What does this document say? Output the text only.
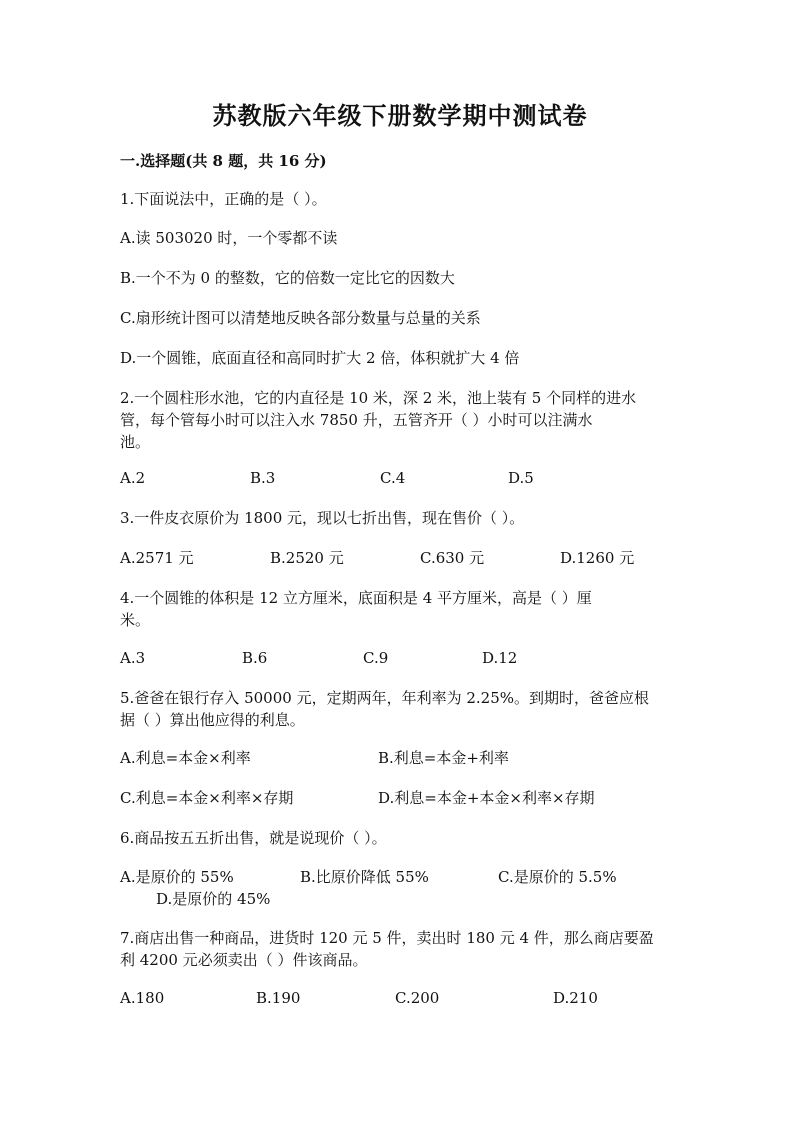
苏教版六年级下册数学期中测试卷
一.选择题(共 8 题，共 16 分)
1.下面说法中，正确的是（ ）。
A.读 503020 时，一个零都不读
B.一个不为 0 的整数，它的倍数一定比它的因数大
C.扇形统计图可以清楚地反映各部分数量与总量的关系
D.一个圆锥，底面直径和高同时扩大 2 倍，体积就扩大 4 倍
2.一个圆柱形水池，它的内直径是 10 米，深 2 米，池上装有 5 个同样的进水
管，每个管每小时可以注入水 7850 升，五管齐开（ ）小时可以注满水
池。
A.2	B.3	C.4	D.5
3.一件皮衣原价为 1800 元，现以七折出售，现在售价（ ）。
A.2571 元	B.2520 元	C.630 元	D.1260 元
4.一个圆锥的体积是 12 立方厘米，底面积是 4 平方厘米，高是（ ）厘
米。
A.3	B.6	C.9	D.12
5.爸爸在银行存入 50000 元，定期两年，年利率为 2.25%。到期时，爸爸应根
据（ ）算出他应得的利息。
A.利息=本金×利率	B.利息=本金+利率
C.利息=本金×利率×存期	D.利息=本金+本金×利率×存期
6.商品按五五折出售，就是说现价（ ）。
A.是原价的 55%	B.比原价降低 55%	C.是原价的 5.5%
D.是原价的 45%
7.商店出售一种商品，进货时 120 元 5 件，卖出时 180 元 4 件，那么商店要盈
利 4200 元必须卖出（ ）件该商品。
A.180	B.190	C.200	D.210
